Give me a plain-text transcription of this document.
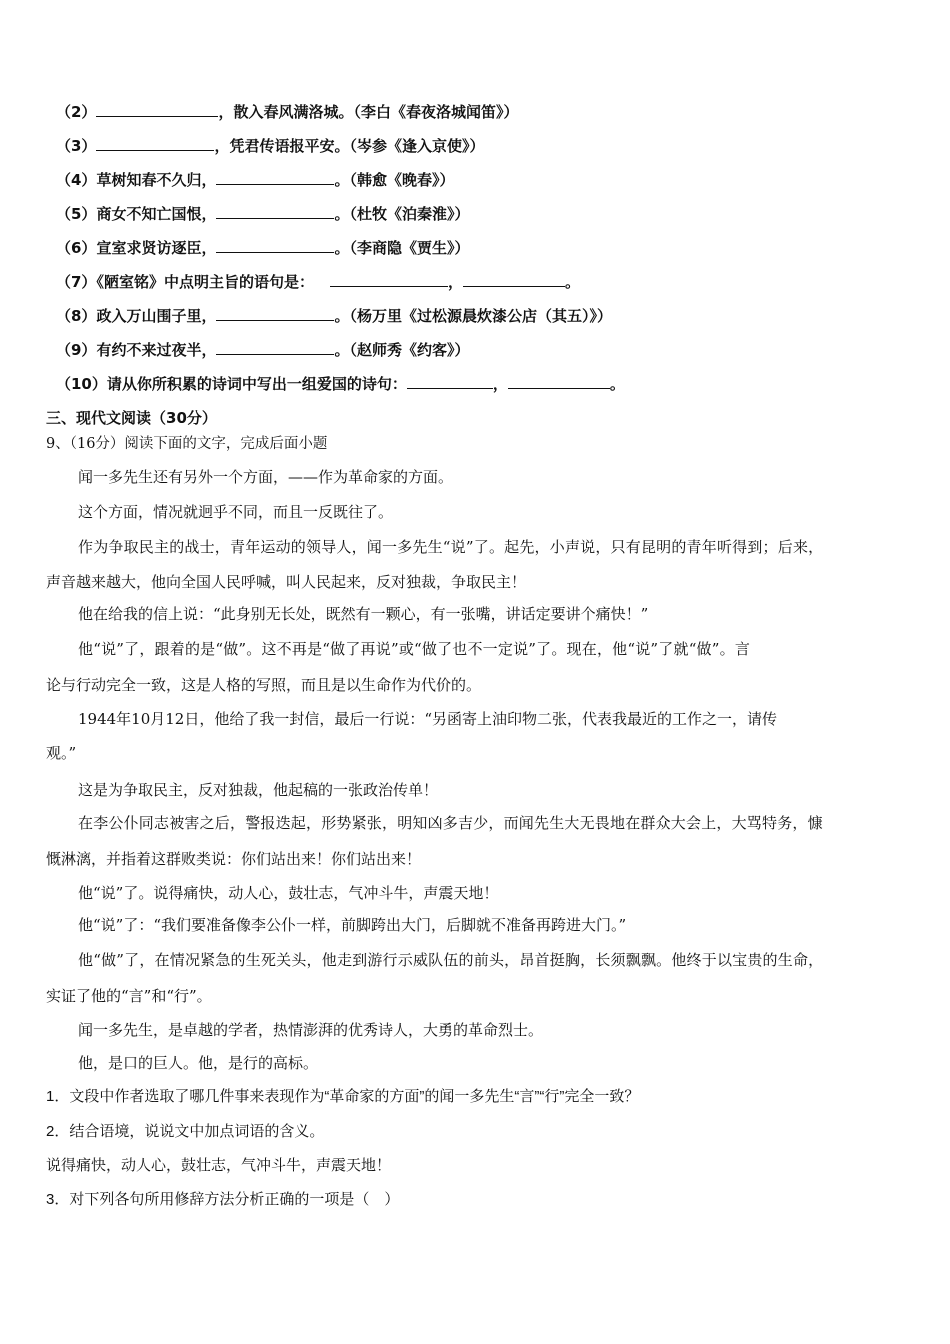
（2）	，散入春风满洛城。（李白《春夜洛城闻笛》）
（3）	，凭君传语报平安。（岑参《逢入京使》）
（4）草树知春不久归，	。（韩愈《晚春》）
（5）商女不知亡国恨，	。（杜牧《泊秦淮》）
（6）宣室求贤访逐臣，	。（李商隐《贾生》）
（7）《陋室铭》中点明主旨的语句是：	，	。
（8）政入万山围子里，	。（杨万里《过松源晨炊漆公店（其五）》）
（9）有约不来过夜半，	。（赵师秀《约客》）
（10）请从你所积累的诗词中写出一组爱国的诗句：	，	。
三、现代文阅读（30分）
9、（16分）阅读下面的文字，完成后面小题
闻一多先生还有另外一个方面，——作为革命家的方面。
这个方面，情况就迥乎不同，而且一反既往了。
作为争取民主的战士，青年运动的领导人，闻一多先生“说”了。起先，小声说，只有昆明的青年听得到；后来，
声音越来越大，他向全国人民呼喊，叫人民起来，反对独裁，争取民主！
他在给我的信上说：“此身别无长处，既然有一颗心，有一张嘴，讲话定要讲个痛快！”
他“说”了，跟着的是“做”。这不再是“做了再说”或“做了也不一定说”了。现在，他“说”了就“做”。言
论与行动完全一致，这是人格的写照，而且是以生命作为代价的。
1944年10月12日，他给了我一封信，最后一行说：“另函寄上油印物二张，代表我最近的工作之一，请传
观。”
这是为争取民主，反对独裁，他起稿的一张政治传单！
在李公仆同志被害之后，警报迭起，形势紧张，明知凶多吉少，而闻先生大无畏地在群众大会上，大骂特务，慷
慨淋漓，并指着这群败类说：你们站出来！你们站出来！
他“说”了。说得痛快，动人心，鼓壮志，气冲斗牛，声震天地！
他“说”了：“我们要准备像李公仆一样，前脚跨出大门，后脚就不准备再跨进大门。”
他“做”了，在情况紧急的生死关头，他走到游行示威队伍的前头，昂首挺胸，长须飘飘。他终于以宝贵的生命，
实证了他的“言”和“行”。
闻一多先生，是卓越的学者，热情澎湃的优秀诗人，大勇的革命烈士。
他，是口的巨人。他，是行的高标。
1．文段中作者选取了哪几件事来表现作为“革命家的方面”的闻一多先生“言”“行”完全一致？
2．结合语境，说说文中加点词语的含义。
说得痛快，动人心，鼓壮志，气冲斗牛，声震天地！
3．对下列各句所用修辞方法分析正确的一项是（　）
